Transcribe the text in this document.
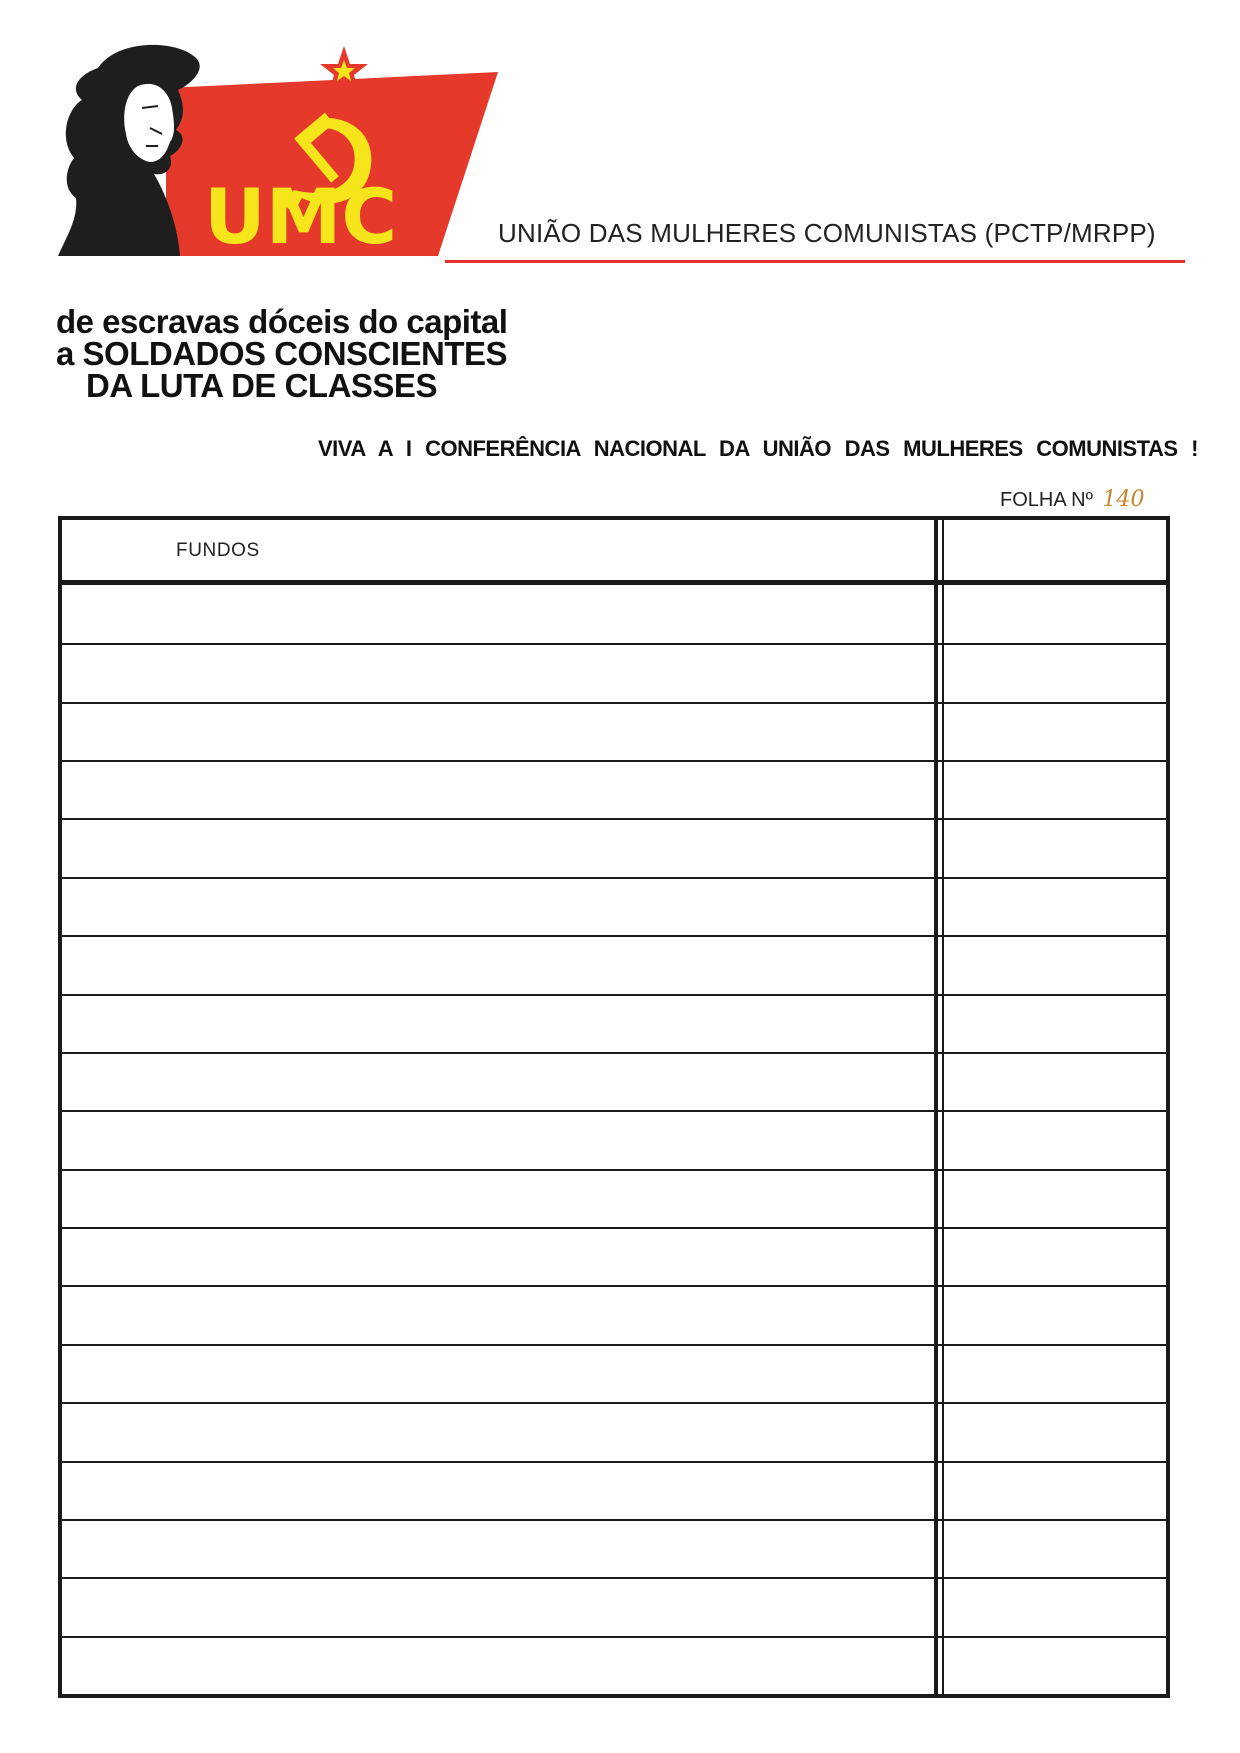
UMC	UNIÃO DAS MULHERES COMUNISTAS (PCTP/MRPP)
de escravas dóceis do capital
a SOLDADOS CONSCIENTES
DA LUTA DE CLASSES
VIVA A I CONFERÊNCIA NACIONAL DA UNIÃO DAS MULHERES COMUNISTAS !
FOLHA Nº 140
FUNDOS
